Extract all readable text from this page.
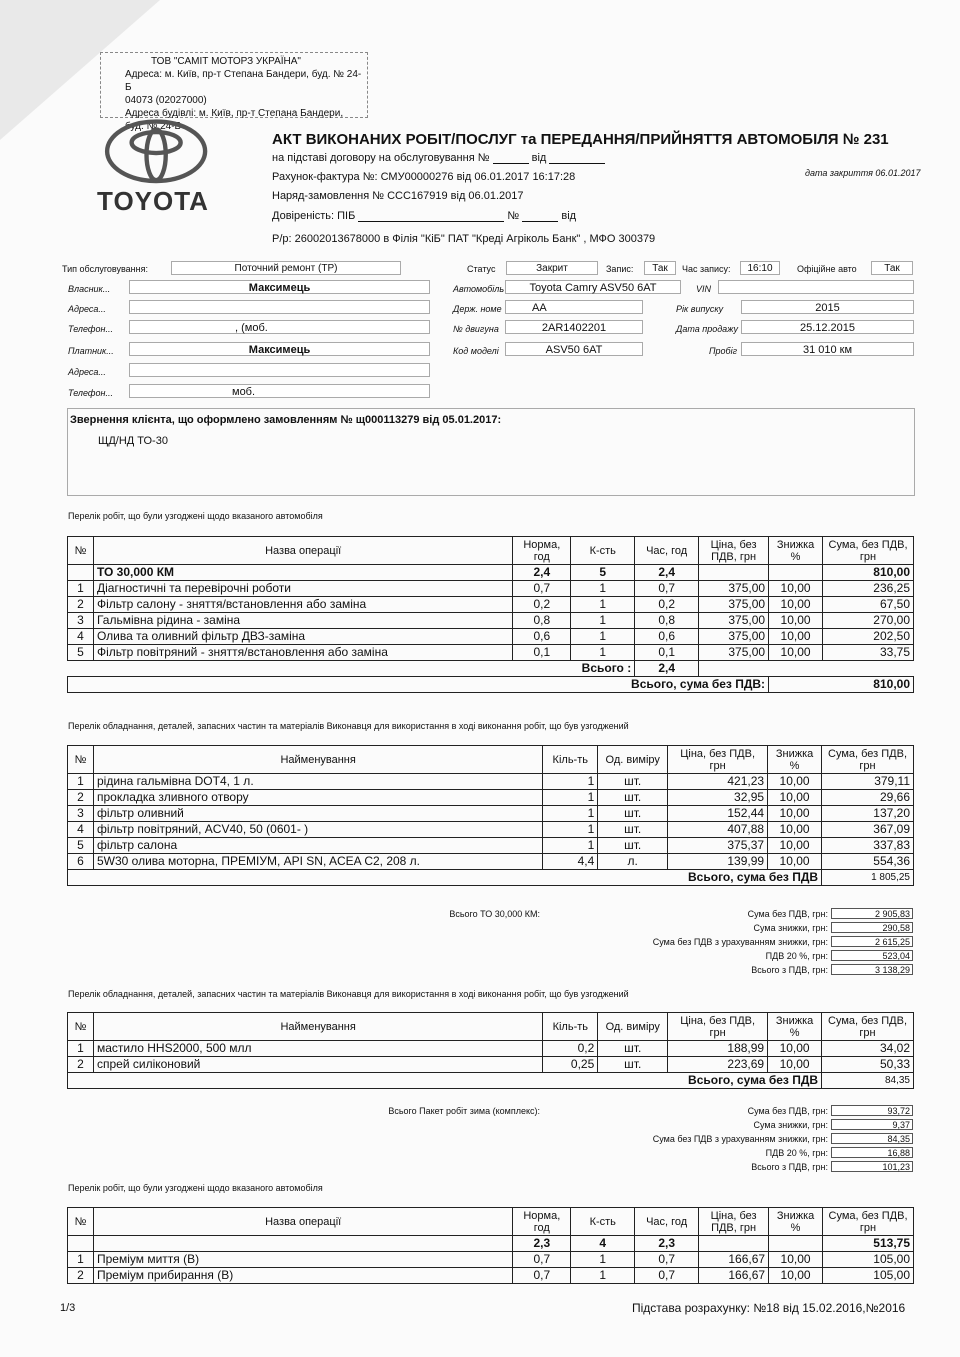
ТОВ "САМІТ МОТОРЗ УКРАЇНА"
Адреса: м. Київ, пр-т Степана Бандери, буд. № 24-Б
04073 (02027000)
Адреса будівлі: м. Київ, пр-т Степана Бандери, буд. № 24-Б
TOYOTA
АКТ ВИКОНАНИХ РОБІТ/ПОСЛУГ та ПЕРЕДАННЯ/ПРИЙНЯТТЯ АВТОМОБІЛЯ № 231
на підставі договору на обслуговування №	від
Рахунок-фактура №: СМУ00000276 від 06.01.2017 16:17:28	дата закриття 06.01.2017
Наряд-замовлення № ССС167919 від 06.01.2017
Довіреність: ПІБ	№	від
Р/р: 26002013678000 в Філія "КіБ" ПАТ "Креді Агріколь Банк" , МФО 300379
Тип обслуговування:	Поточний ремонт (ТР)	Статус	Закрит	Запис:	Так	Час запису:	16:10	Офіційне авто	Так
Власник...	Максимець	Автомобіль	Toyota Camry ASV50 6AT	VIN
Адреса...	Держ. номе	АА	Рік випуску	2015
Телефон...	, (моб.	№ двигуна	2AR1402201	Дата продажу	25.12.2015
Платник...	Максимець	Код моделі	ASV50 6AT	Пробіг	31 010 км
Адреса...
Телефон...	моб.
Звернення клієнта, що оформлено замовленням № щ000113279 від 05.01.2017:
ЩД/НД ТО-30
Перелік робіт, що були узгоджені щодо вказаного автомобіля
№	Назва операції	Норма, год	К-сть	Час, год	Ціна, без ПДВ, грн	Знижка %	Сума, без ПДВ, грн
	ТО 30,000 КМ	2,4	5	2,4			810,00
1	Діагностичні та перевірочні роботи	0,7	1	0,7	375,00	10,00	236,25
2	Фільтр салону - зняття/встановлення або заміна	0,2	1	0,2	375,00	10,00	67,50
3	Гальмівна рідина - заміна	0,8	1	0,8	375,00	10,00	270,00
4	Олива та оливний фільтр ДВЗ-заміна	0,6	1	0,6	375,00	10,00	202,50
5	Фільтр повітряний - зняття/встановлення або заміна	0,1	1	0,1	375,00	10,00	33,75
Всього :				2,4			
Всього, сума без ПДВ:						810,00	
Перелік обладнання, деталей, запасних частин та матеріалів Виконавця для використання в ході виконання робіт, що був узгоджений
№	Найменування	Кіль-ть	Од. виміру	Ціна, без ПДВ, грн	Знижка %	Сума, без ПДВ, грн
1	рідина гальмівна DOT4, 1 л.	1	шт.	421,23	10,00	379,11
2	прокладка зливного отвору	1	шт.	32,95	10,00	29,66
3	фільтр оливний	1	шт.	152,44	10,00	137,20
4	фільтр повітряний, ACV40, 50 (0601- )	1	шт.	407,88	10,00	367,09
5	фільтр салона	1	шт.	375,37	10,00	337,83
6	5W30 олива моторна, ПРЕМІУМ, API SN, ACEA C2, 208 л.	4,4	л.	139,99	10,00	554,36
Всього, сума без ПДВ						1 805,25
Всього ТО 30,000 КМ:	Сума без ПДВ, грн:	2 905,83
Сума знижки, грн:	290,58
Сума без ПДВ з урахуванням знижки, грн:	2 615,25
ПДВ 20 %, грн:	523,04
Всього з ПДВ, грн:	3 138,29
Перелік обладнання, деталей, запасних частин та матеріалів Виконавця для використання в ході виконання робіт, що був узгоджений
№	Найменування	Кіль-ть	Од. виміру	Ціна, без ПДВ, грн	Знижка %	Сума, без ПДВ, грн
1	мастило HHS2000, 500 млл	0,2	шт.	188,99	10,00	34,02
2	спрей силіконовий	0,25	шт.	223,69	10,00	50,33
Всього, сума без ПДВ						84,35
Всього Пакет робіт зима (комплекс):	Сума без ПДВ, грн:	93,72
Сума знижки, грн:	9,37
Сума без ПДВ з урахуванням знижки, грн:	84,35
ПДВ 20 %, грн:	16,88
Всього з ПДВ, грн:	101,23
Перелік робіт, що були узгоджені щодо вказаного автомобіля
№	Назва операції	Норма, год	К-сть	Час, год	Ціна, без ПДВ, грн	Знижка %	Сума, без ПДВ, грн
		2,3	4	2,3			513,75
1	Преміум миття (В)	0,7	1	0,7	166,67	10,00	105,00
2	Преміум прибирання (В)	0,7	1	0,7	166,67	10,00	105,00
1/3	Підстава розрахунку: №18 від 15.02.2016,№2016
